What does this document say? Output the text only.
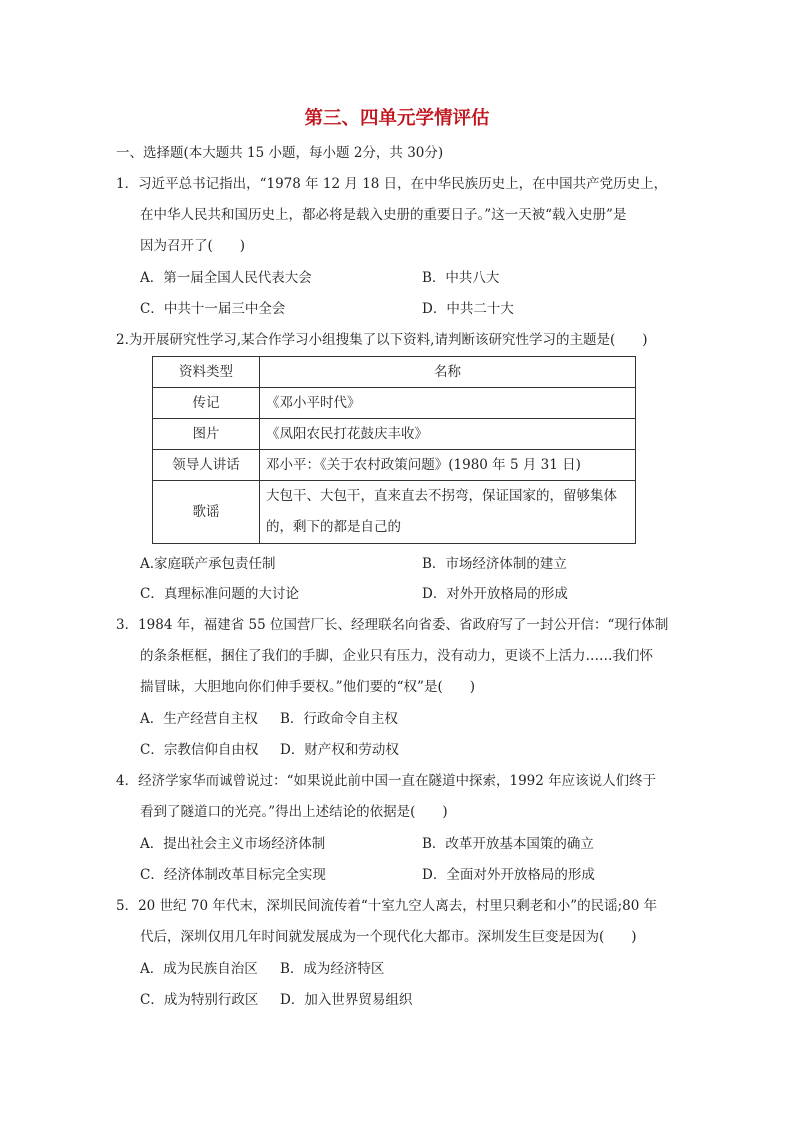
第三、四单元学情评估
一、选择题(本大题共 15 小题，每小题 2分，共 30分)
1．习近平总书记指出，“1978 年 12 月 18 日，在中华民族历史上，在中国共产党历史上，
在中华人民共和国历史上，都必将是载入史册的重要日子。”这一天被“载入史册”是
因为召开了(　　)
A．第一届全国人民代表大会	B．中共八大
C．中共十一届三中全会	D．中共二十大
2.为开展研究性学习,某合作学习小组搜集了以下资料,请判断该研究性学习的主题是(　　)
资料类型	名称
传记	《邓小平时代》
图片	《凤阳农民打花鼓庆丰收》
领导人讲话	邓小平：《关于农村政策问题》(1980 年 5 月 31 日)
歌谣	大包干、大包干，直来直去不拐弯，保证国家的，留够集体
的，剩下的都是自己的
A.家庭联产承包责任制	B．市场经济体制的建立
C．真理标准问题的大讨论	D．对外开放格局的形成
3．1984 年，福建省 55 位国营厂长、经理联名向省委、省政府写了一封公开信：“现行体制
的条条框框，捆住了我们的手脚，企业只有压力，没有动力，更谈不上活力……我们怀
揣冒昧，大胆地向你们伸手要权。”他们要的“权”是(　　)
A．生产经营自主权 B．行政命令自主权
C．宗教信仰自由权 D．财产权和劳动权
4．经济学家华而诚曾说过：“如果说此前中国一直在隧道中探索，1992 年应该说人们终于
看到了隧道口的光亮。”得出上述结论的依据是(　　)
A．提出社会主义市场经济体制	B．改革开放基本国策的确立
C．经济体制改革目标完全实现	D．全面对外开放格局的形成
5．20 世纪 70 年代末，深圳民间流传着“十室九空人离去，村里只剩老和小”的民谣;80 年
代后，深圳仅用几年时间就发展成为一个现代化大都市。深圳发生巨变是因为(　　)
A．成为民族自治区 B．成为经济特区
C．成为特别行政区 D．加入世界贸易组织
